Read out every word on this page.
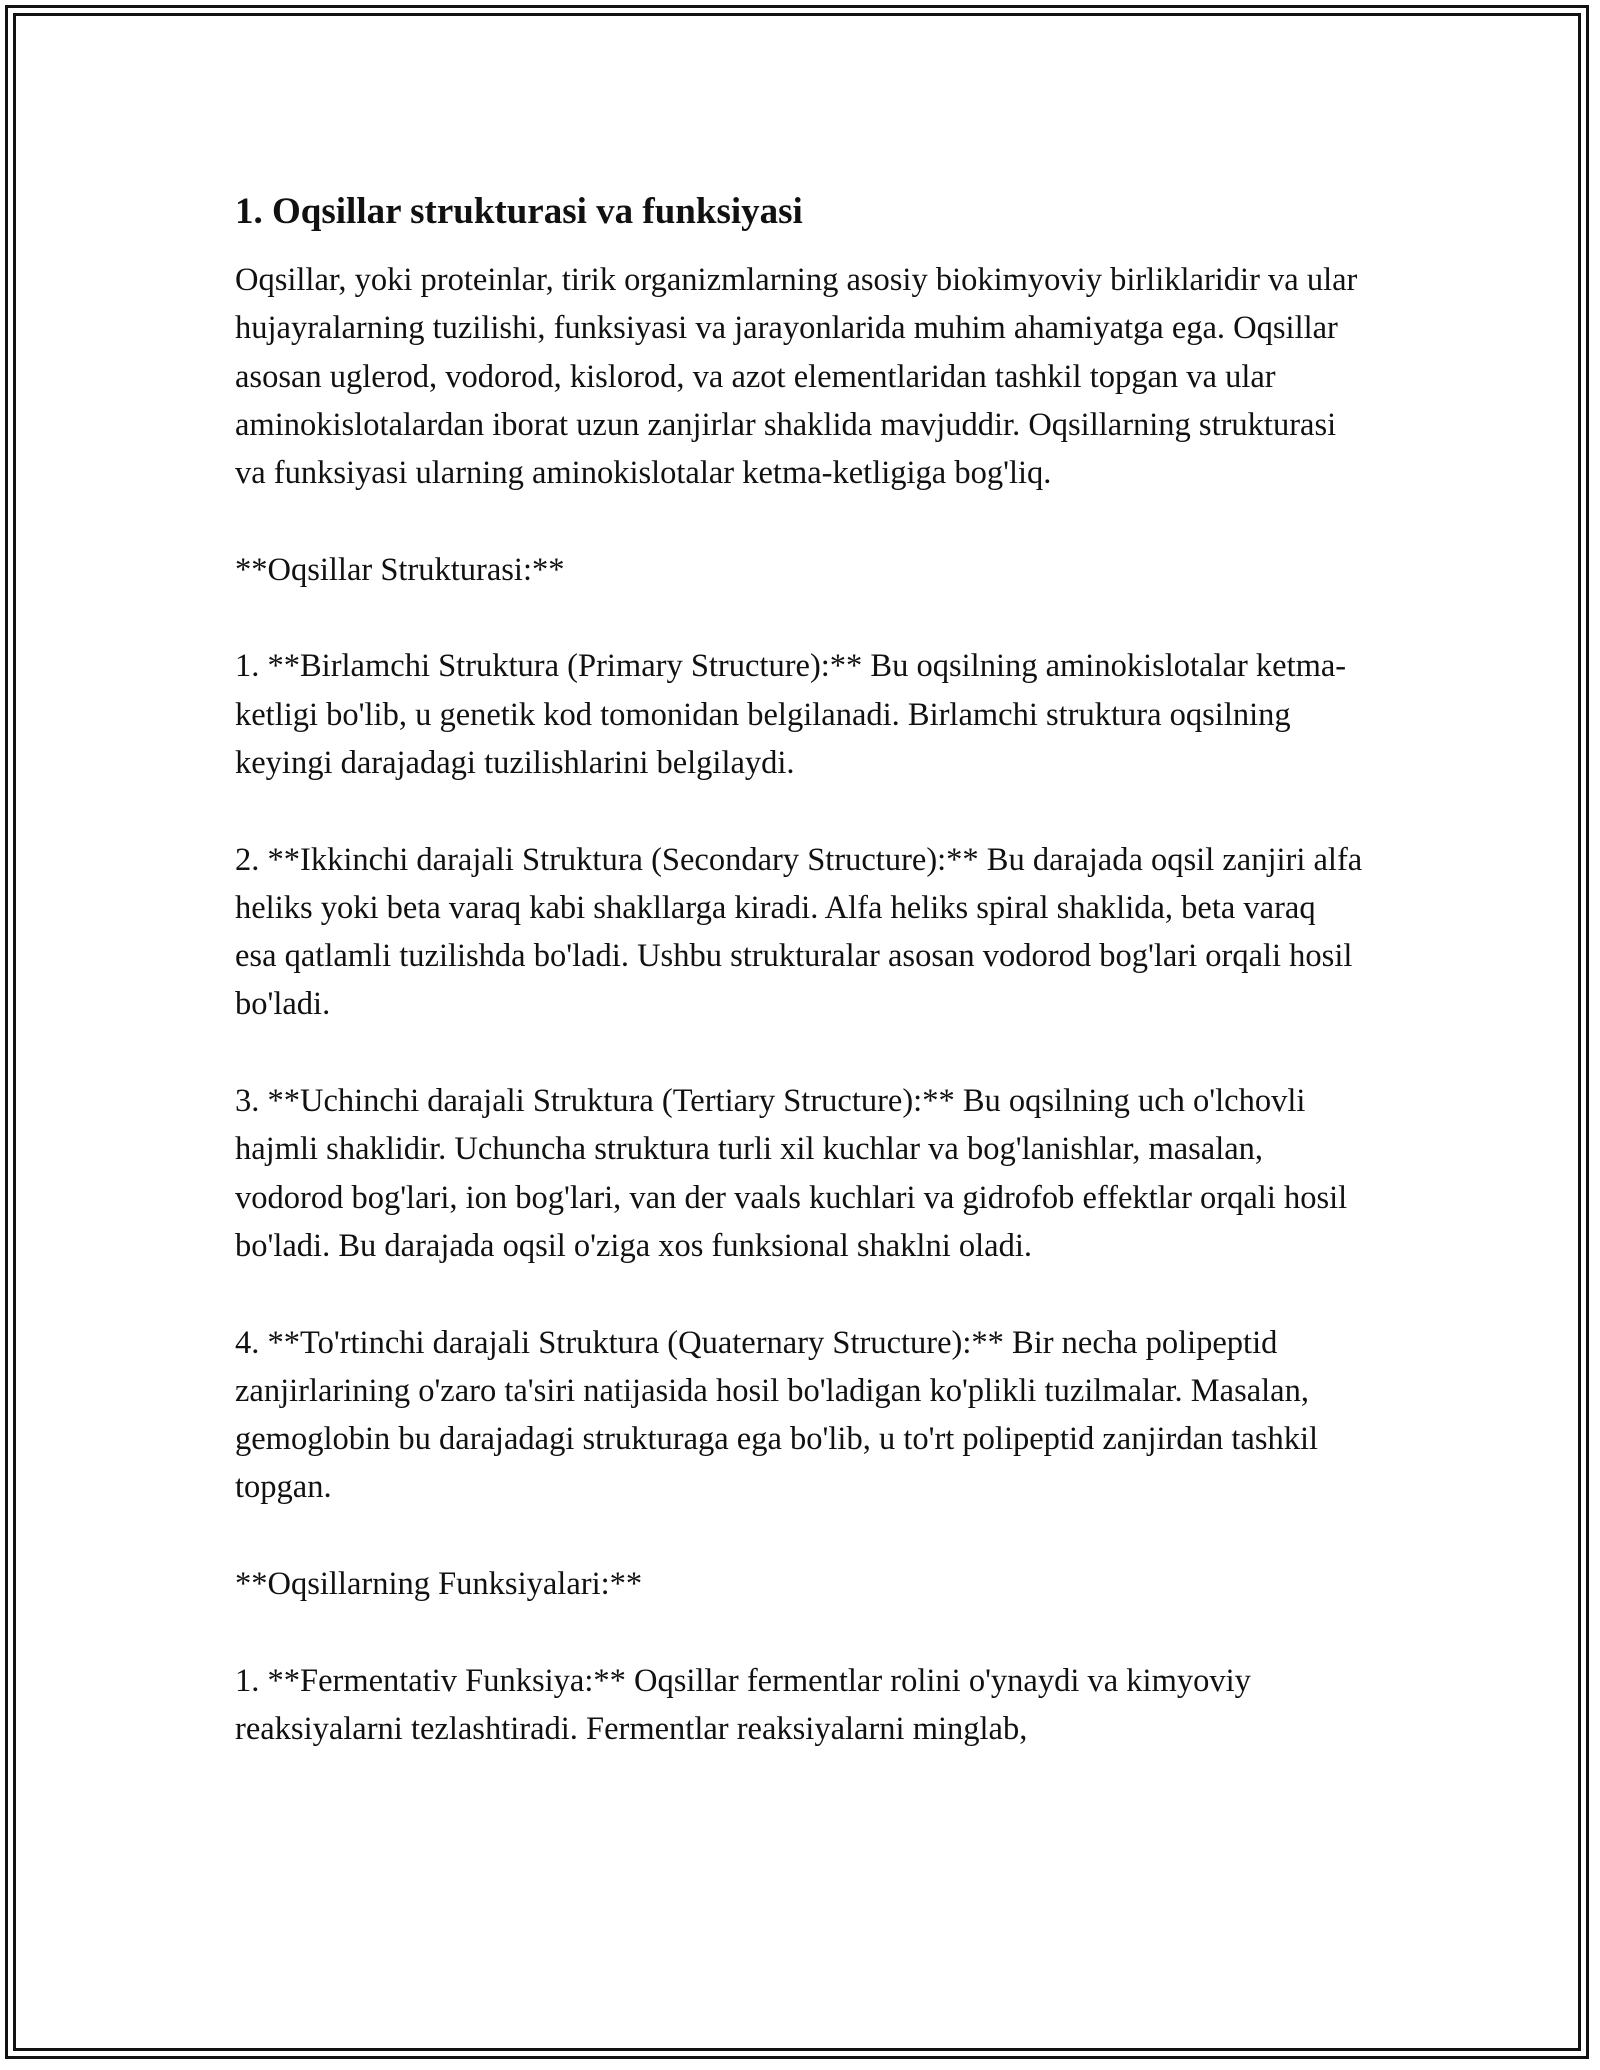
1. Oqsillar strukturasi va funksiyasi

Oqsillar, yoki proteinlar, tirik organizmlarning asosiy biokimyoviy birliklaridir va ular hujayralarning tuzilishi, funksiyasi va jarayonlarida muhim ahamiyatga ega. Oqsillar asosan uglerod, vodorod, kislorod, va azot elementlaridan tashkil topgan va ular aminokislotalardan iborat uzun zanjirlar shaklida mavjuddir. Oqsillarning strukturasi va funksiyasi ularning aminokislotalar ketma-ketligiga bog'liq.

**Oqsillar Strukturasi:**

1. **Birlamchi Struktura (Primary Structure):** Bu oqsilning aminokislotalar ketma-ketligi bo'lib, u genetik kod tomonidan belgilanadi. Birlamchi struktura oqsilning keyingi darajadagi tuzilishlarini belgilaydi.

2. **Ikkinchi darajali Struktura (Secondary Structure):** Bu darajada oqsil zanjiri alfa heliks yoki beta varaq kabi shakllarga kiradi. Alfa heliks spiral shaklida, beta varaq esa qatlamli tuzilishda bo'ladi. Ushbu strukturalar asosan vodorod bog'lari orqali hosil bo'ladi.

3. **Uchinchi darajali Struktura (Tertiary Structure):** Bu oqsilning uch o'lchovli hajmli shaklidir. Uchuncha struktura turli xil kuchlar va bog'lanishlar, masalan, vodorod bog'lari, ion bog'lari, van der vaals kuchlari va gidrofob effektlar orqali hosil bo'ladi. Bu darajada oqsil o'ziga xos funksional shaklni oladi.

4. **To'rtinchi darajali Struktura (Quaternary Structure):** Bir necha polipeptid zanjirlarining o'zaro ta'siri natijasida hosil bo'ladigan ko'plikli tuzilmalar. Masalan, gemoglobin bu darajadagi strukturaga ega bo'lib, u to'rt polipeptid zanjirdan tashkil topgan.

**Oqsillarning Funksiyalari:**

1. **Fermentativ Funksiya:** Oqsillar fermentlar rolini o'ynaydi va kimyoviy reaksiyalarni tezlashtiradi. Fermentlar reaksiyalarni minglab,
